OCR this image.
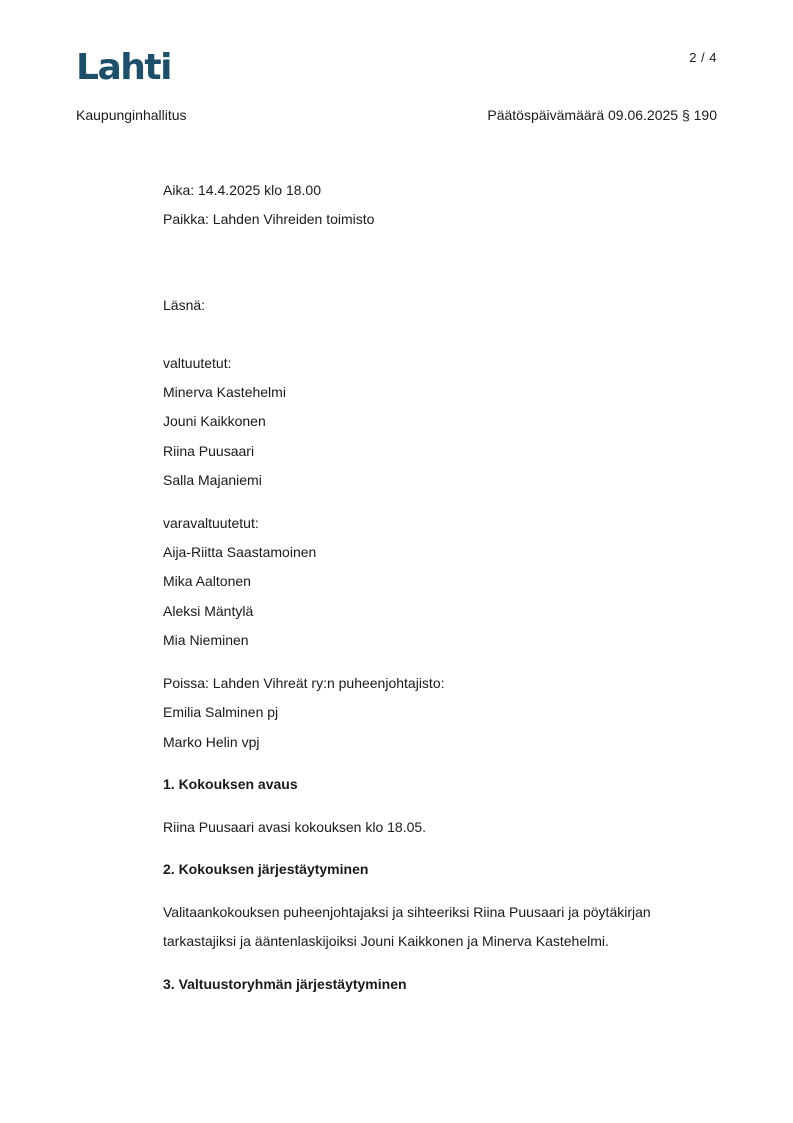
Lahti	2 / 4
Kaupunginhallitus	Päätöspäivämäärä 09.06.2025 § 190
Aika: 14.4.2025 klo 18.00
Paikka: Lahden Vihreiden toimisto
Läsnä:
valtuutetut:
Minerva Kastehelmi
Jouni Kaikkonen
Riina Puusaari
Salla Majaniemi
varavaltuutetut:
Aija-Riitta Saastamoinen
Mika Aaltonen
Aleksi Mäntylä
Mia Nieminen
Poissa: Lahden Vihreät ry:n puheenjohtajisto:
Emilia Salminen pj
Marko Helin vpj
1. Kokouksen avaus
Riina Puusaari avasi kokouksen klo 18.05.
2. Kokouksen järjestäytyminen
Valitaankokouksen puheenjohtajaksi ja sihteeriksi Riina Puusaari ja pöytäkirjan
tarkastajiksi ja ääntenlaskijoiksi Jouni Kaikkonen ja Minerva Kastehelmi.
3. Valtuustoryhmän järjestäytyminen
